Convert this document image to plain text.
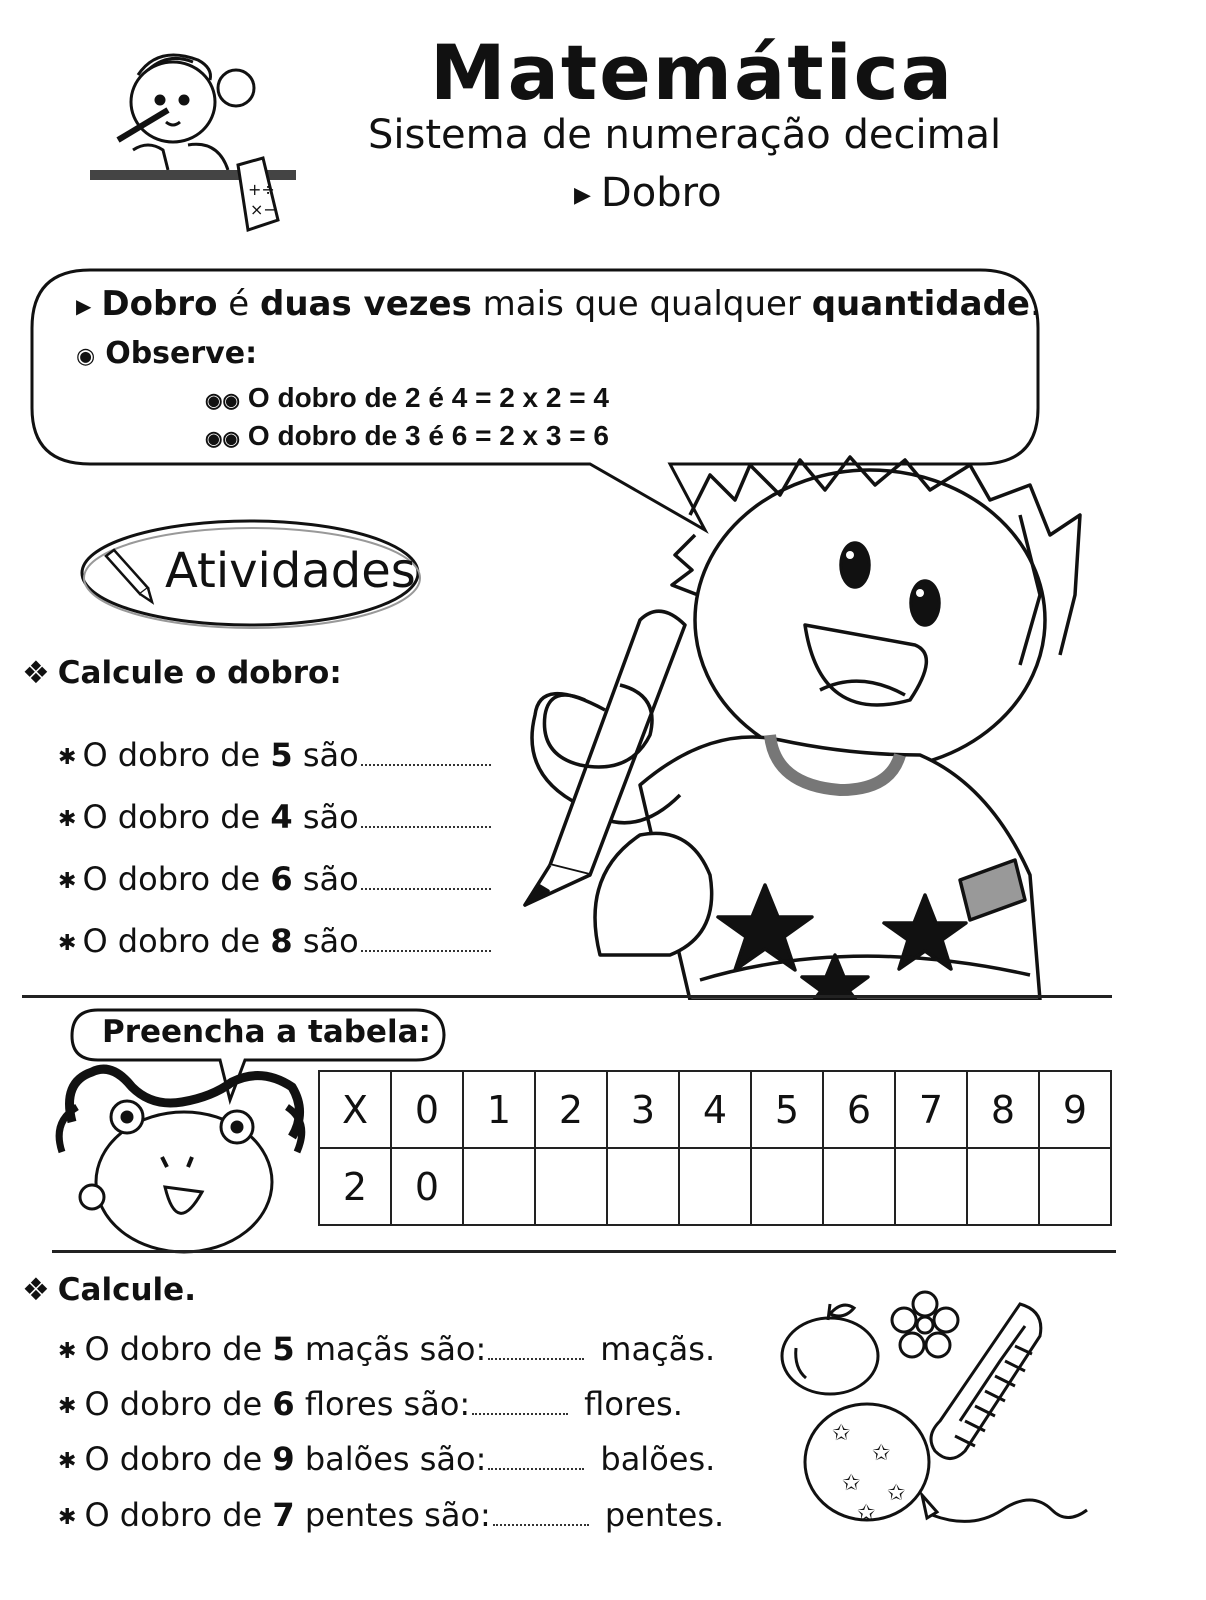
+÷
×−
Matemática
Sistema de numeração decimal
▶ Dobro
▶ Dobro é duas vezes mais que qualquer quantidade.
◉ Observe:
◉◉ O dobro de 2 é 4 = 2 x 2 = 4
◉◉ O dobro de 3 é 6 = 2 x 3 = 6
Atividades
❖ Calcule o dobro:
✱ O dobro de 5 são
✱ O dobro de 4 são
✱ O dobro de 6 são
✱ O dobro de 8 são
Preencha a tabela:
X	0	1	2	3	4	5	6	7	8	9
2	0									
❖ Calcule.
✱ O dobro de 5 maçãs são:	maçãs.
✱ O dobro de 6 flores são:	flores.
✱ O dobro de 9 balões são:	balões.
✱ O dobro de 7 pentes são:	pentes.
✩
✩
✩ ✩
✩
